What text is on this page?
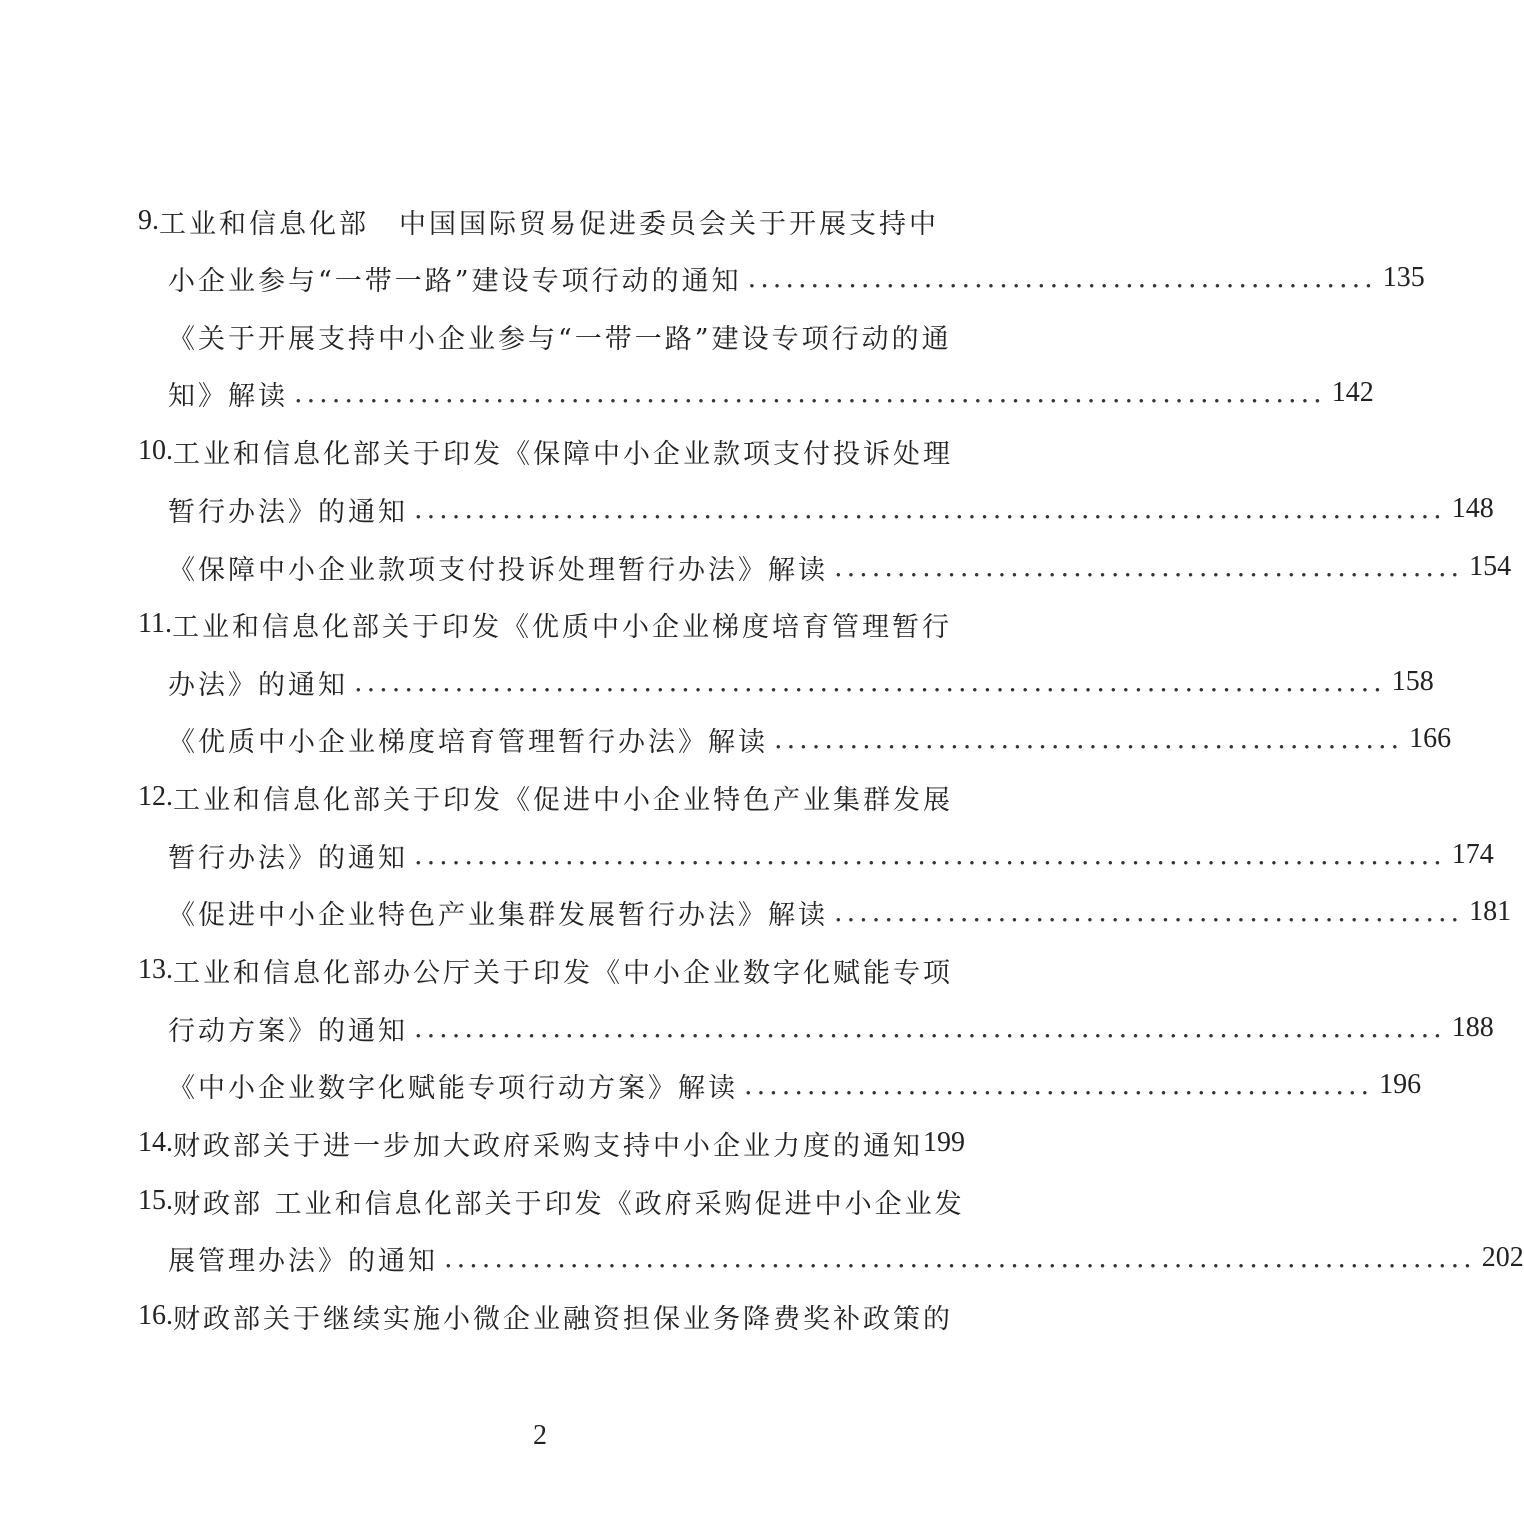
9. 工业和信息化部　中国国际贸易促进委员会关于开展支持中
小企业参与“一带一路”建设专项行动的通知 .................................................. 135
《关于开展支持中小企业参与“一带一路”建设专项行动的通
知》解读 .................................................................................. 142
10. 工业和信息化部关于印发《保障中小企业款项支付投诉处理
暂行办法》的通知 .................................................................................. 148
《保障中小企业款项支付投诉处理暂行办法》解读 .................................................. 154
11. 工业和信息化部关于印发《优质中小企业梯度培育管理暂行
办法》的通知 .................................................................................. 158
《优质中小企业梯度培育管理暂行办法》解读 .................................................. 166
12. 工业和信息化部关于印发《促进中小企业特色产业集群发展
暂行办法》的通知 .................................................................................. 174
《促进中小企业特色产业集群发展暂行办法》解读 .................................................. 181
13. 工业和信息化部办公厅关于印发《中小企业数字化赋能专项
行动方案》的通知 .................................................................................. 188
《中小企业数字化赋能专项行动方案》解读 .................................................. 196
14. 财政部关于进一步加大政府采购支持中小企业力度的通知 199
15. 财政部 工业和信息化部关于印发《政府采购促进中小企业发
展管理办法》的通知 .................................................................................. 202
16. 财政部关于继续实施小微企业融资担保业务降费奖补政策的
2
